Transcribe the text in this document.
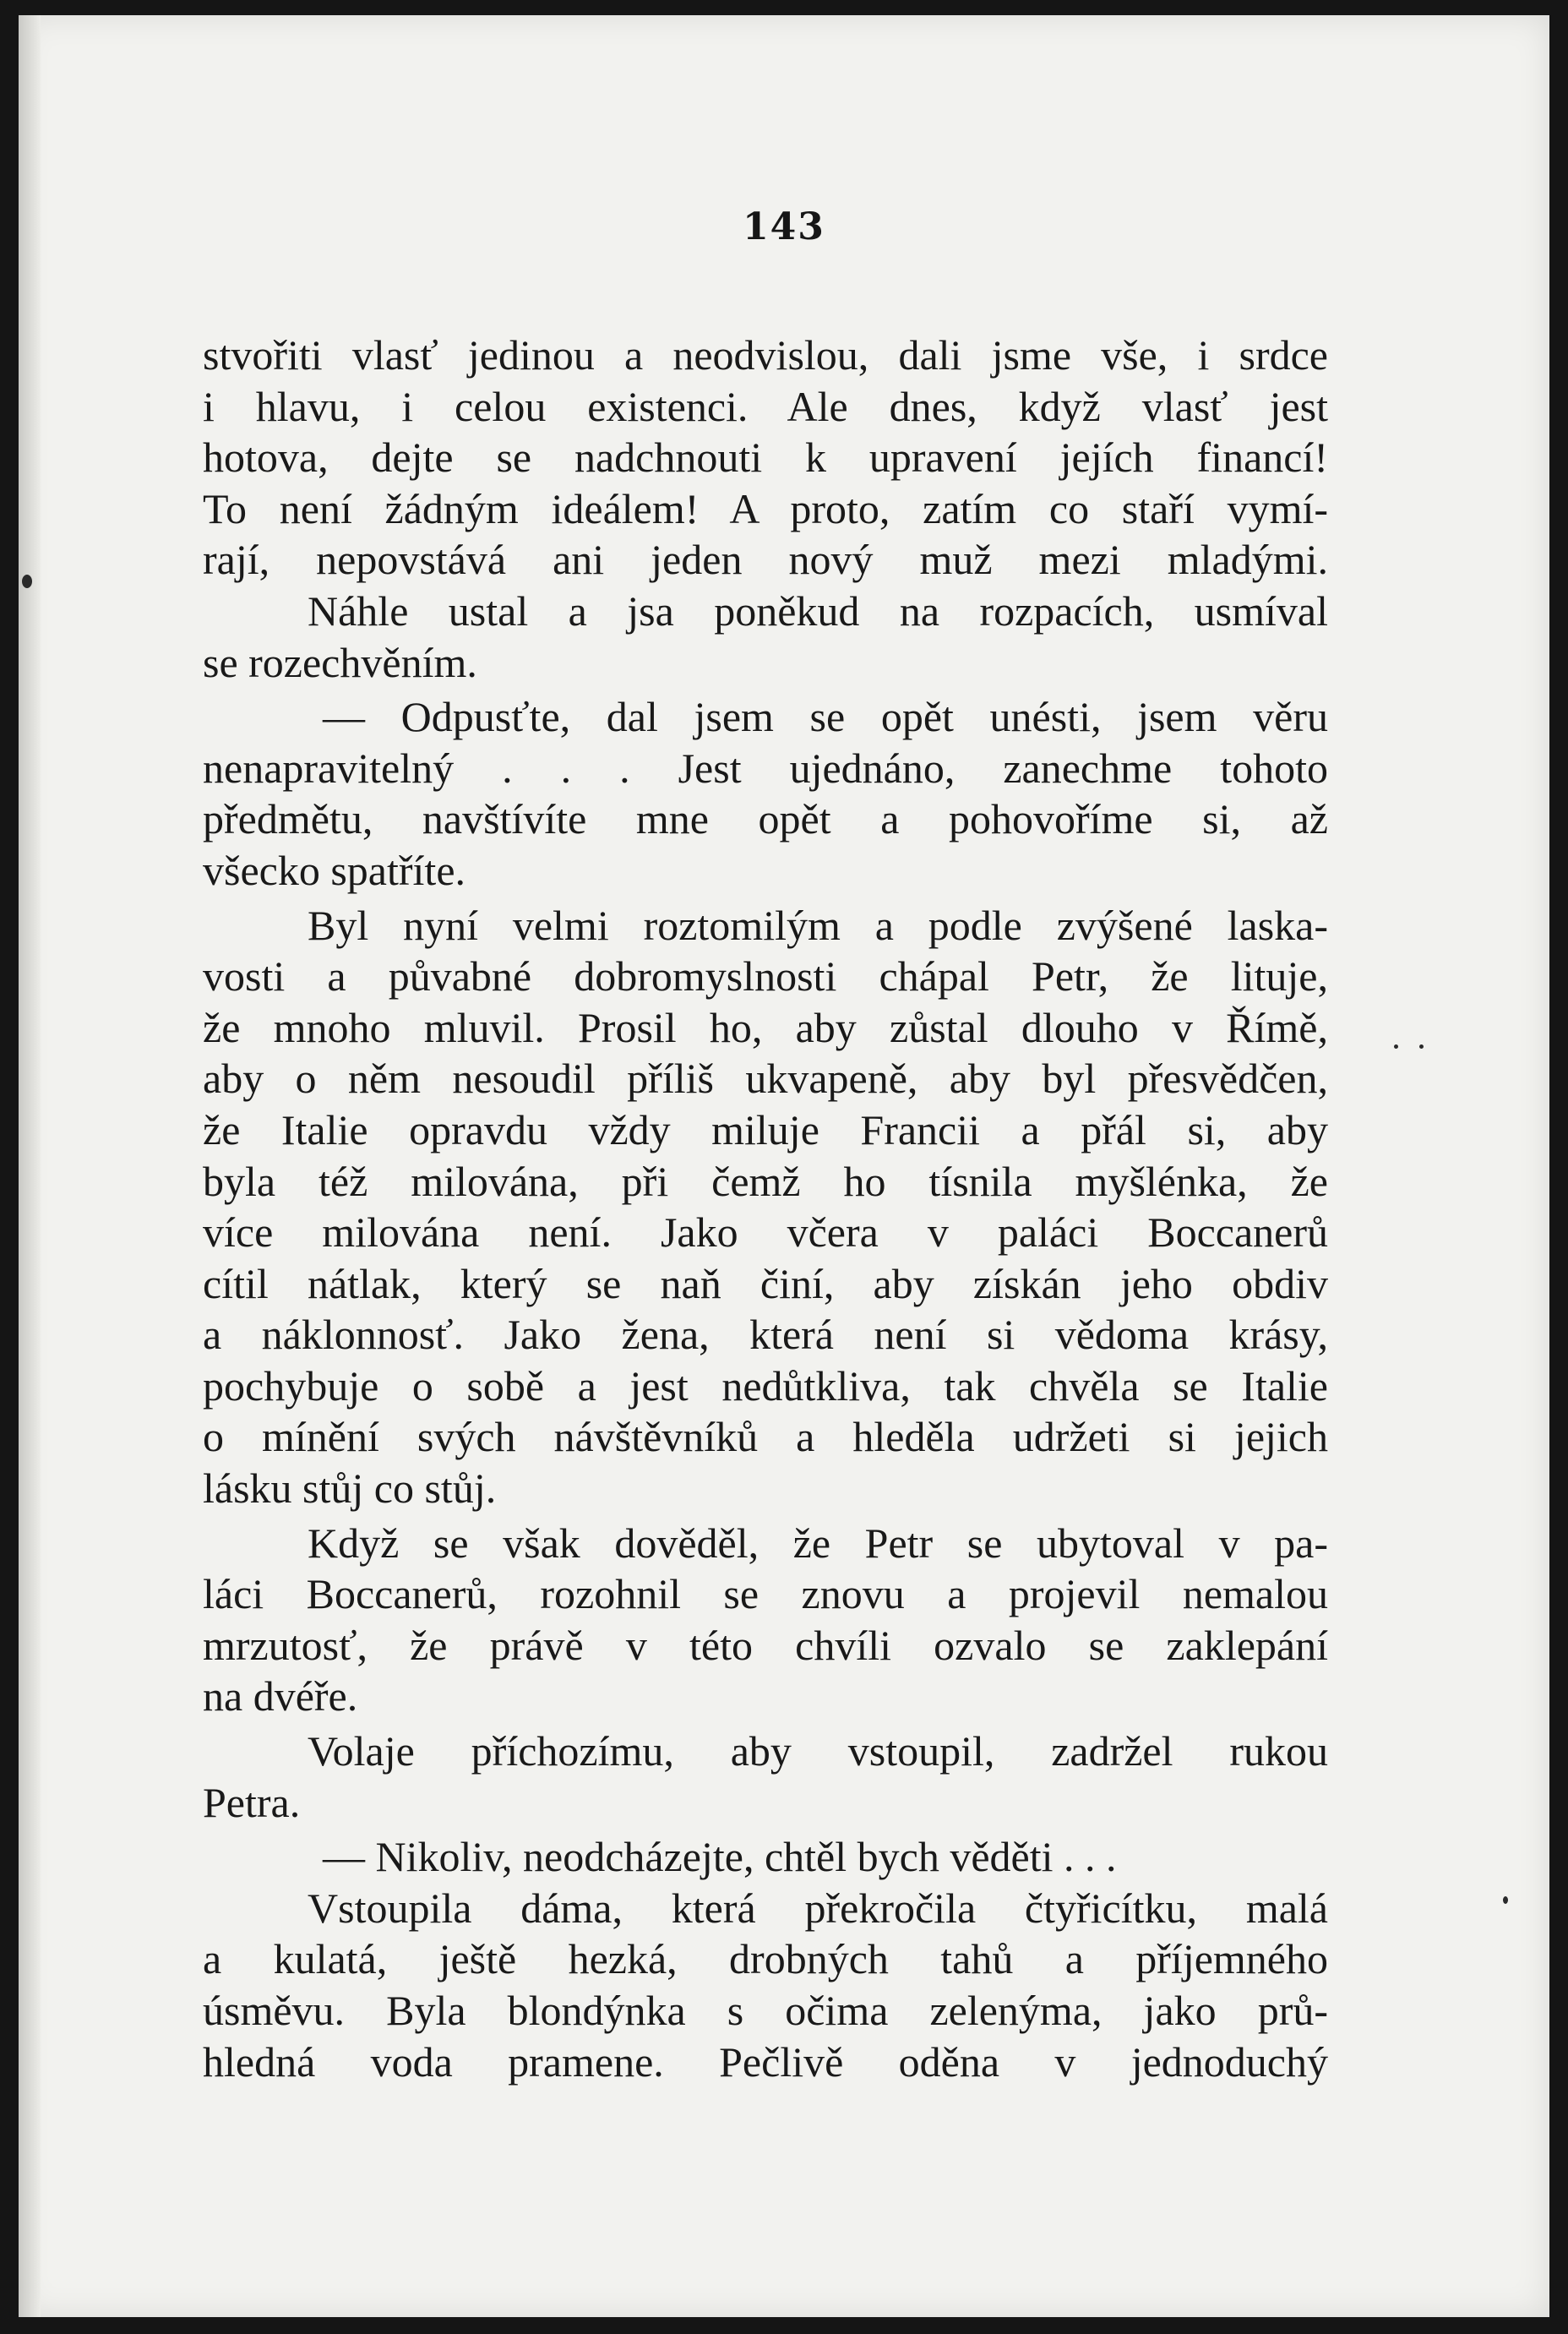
143
stvořiti vlasť jedinou a neodvislou, dali jsme vše, i srdce
i hlavu, i celou existenci. Ale dnes, když vlasť jest
hotova, dejte se nadchnouti k upravení jejích financí!
To není žádným ideálem! A proto, zatím co staří vymí-
rají, nepovstává ani jeden nový muž mezi mladými.
Náhle ustal a jsa poněkud na rozpacích, usmíval
se rozechvěním.
— Odpusťte, dal jsem se opět unésti, jsem věru
nenapravitelný . . . Jest ujednáno, zanechme tohoto
předmětu, navštívíte mne opět a pohovoříme si, až
všecko spatříte.
Byl nyní velmi roztomilým a podle zvýšené laska-
vosti a půvabné dobromyslnosti chápal Petr, že lituje,
že mnoho mluvil. Prosil ho, aby zůstal dlouho v Římě,
aby o něm nesoudil příliš ukvapeně, aby byl přesvědčen,
že Italie opravdu vždy miluje Francii a přál si, aby
byla též milována, při čemž ho tísnila myšlénka, že
více milována není. Jako včera v paláci Boccanerů
cítil nátlak, který se naň činí, aby získán jeho obdiv
a náklonnosť. Jako žena, která není si vědoma krásy,
pochybuje o sobě a jest nedůtkliva, tak chvěla se Italie
o mínění svých návštěvníků a hleděla udržeti si jejich
lásku stůj co stůj.
Když se však dověděl, že Petr se ubytoval v pa-
láci Boccanerů, rozohnil se znovu a projevil nemalou
mrzutosť, že právě v této chvíli ozvalo se zaklepání
na dvéře.
Volaje příchozímu, aby vstoupil, zadržel rukou
Petra.
— Nikoliv, neodcházejte, chtěl bych věděti . . .
Vstoupila dáma, která překročila čtyřicítku, malá
a kulatá, ještě hezká, drobných tahů a příjemného
úsměvu. Byla blondýnka s očima zelenýma, jako prů-
hledná voda pramene. Pečlivě oděna v jednoduchý
